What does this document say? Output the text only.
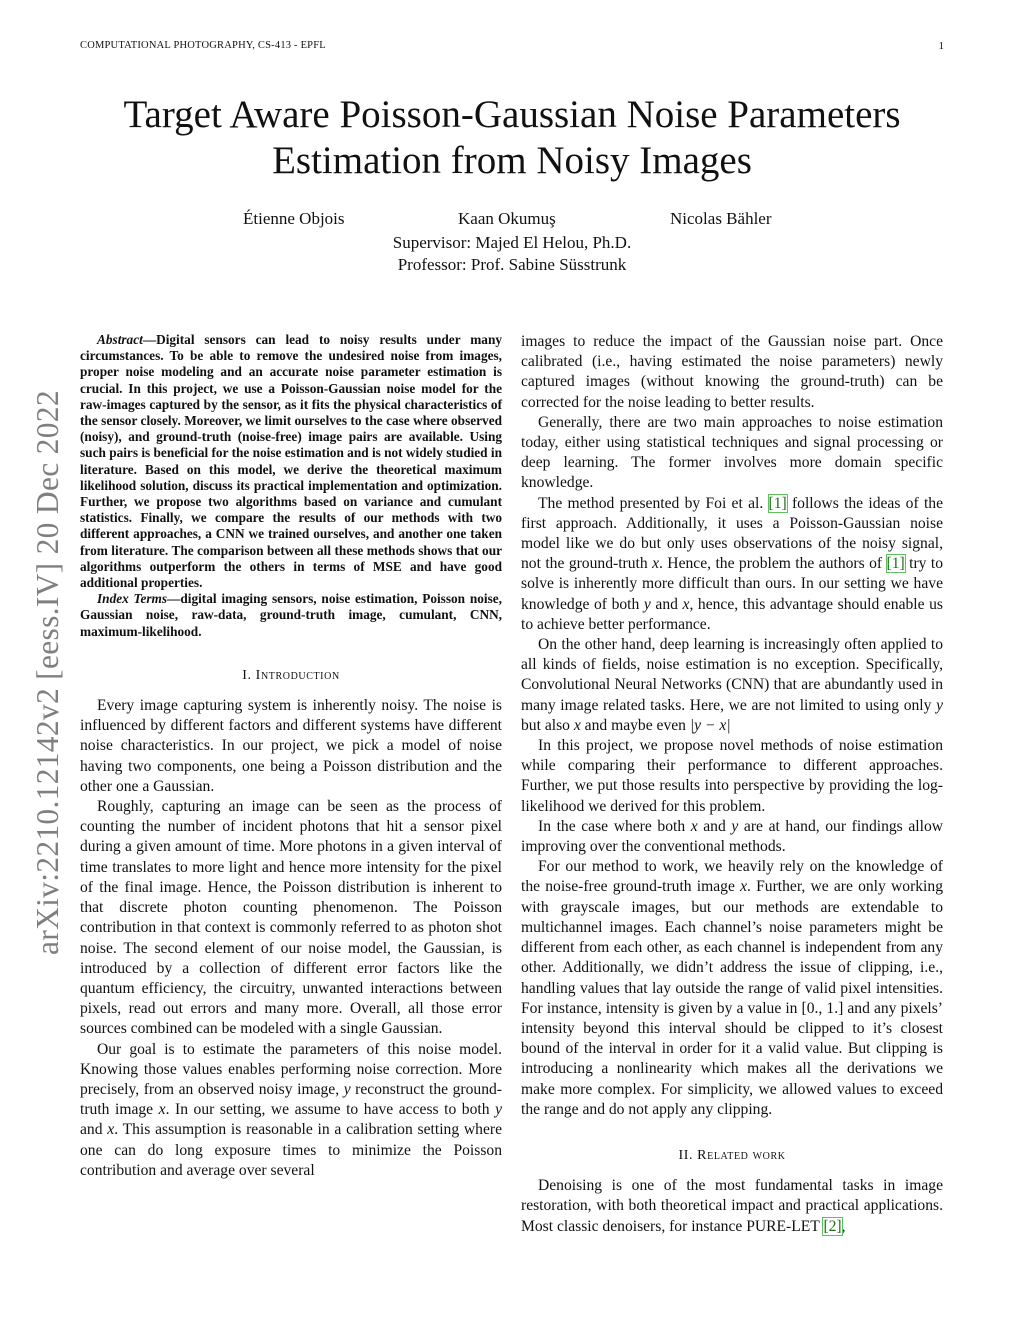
COMPUTATIONAL PHOTOGRAPHY, CS-413 - EPFL	1
arXiv:2210.12142v2 [eess.IV] 20 Dec 2022
Target Aware Poisson-Gaussian Noise Parameters
Estimation from Noisy Images
Étienne Objois	Kaan Okumuş	Nicolas Bähler
Supervisor: Majed El Helou, Ph.D.
Professor: Prof. Sabine Süsstrunk

Abstract—Digital sensors can lead to noisy results under many circumstances. To be able to remove the undesired noise from images, proper noise modeling and an accurate noise parameter estimation is crucial. In this project, we use a Poisson-Gaussian noise model for the raw-images captured by the sensor, as it fits the physical characteristics of the sensor closely. Moreover, we limit ourselves to the case where observed (noisy), and ground-truth (noise-free) image pairs are available. Using such pairs is beneficial for the noise estimation and is not widely studied in literature. Based on this model, we derive the theoretical maximum likelihood solution, discuss its practical implementation and optimization. Further, we propose two algorithms based on variance and cumulant statistics. Finally, we compare the results of our methods with two different approaches, a CNN we trained ourselves, and another one taken from literature. The comparison between all these methods shows that our algorithms outperform the others in terms of MSE and have good additional properties.

Index Terms—digital imaging sensors, noise estimation, Poisson noise, Gaussian noise, raw-data, ground-truth image, cumulant, CNN, maximum-likelihood.

I. Introduction

Every image capturing system is inherently noisy. The noise is influenced by different factors and different systems have different noise characteristics. In our project, we pick a model of noise having two components, one being a Poisson distribution and the other one a Gaussian.

Roughly, capturing an image can be seen as the process of counting the number of incident photons that hit a sensor pixel during a given amount of time. More photons in a given interval of time translates to more light and hence more intensity for the pixel of the final image. Hence, the Poisson distribution is inherent to that discrete photon counting phenomenon. The Poisson contribution in that context is commonly referred to as photon shot noise. The second element of our noise model, the Gaussian, is introduced by a collection of different error factors like the quantum efficiency, the circuitry, unwanted interactions between pixels, read out errors and many more. Overall, all those error sources combined can be modeled with a single Gaussian.

Our goal is to estimate the parameters of this noise model. Knowing those values enables performing noise correction. More precisely, from an observed noisy image, y reconstruct the ground-truth image x. In our setting, we assume to have access to both y and x. This assumption is reasonable in a calibration setting where one can do long exposure times to minimize the Poisson contribution and average over several

images to reduce the impact of the Gaussian noise part. Once calibrated (i.e., having estimated the noise parameters) newly captured images (without knowing the ground-truth) can be corrected for the noise leading to better results.

Generally, there are two main approaches to noise estimation today, either using statistical techniques and signal processing or deep learning. The former involves more domain specific knowledge.

The method presented by Foi et al. [1] follows the ideas of the first approach. Additionally, it uses a Poisson-Gaussian noise model like we do but only uses observations of the noisy signal, not the ground-truth x. Hence, the problem the authors of [1] try to solve is inherently more difficult than ours. In our setting we have knowledge of both y and x, hence, this advantage should enable us to achieve better performance.

On the other hand, deep learning is increasingly often applied to all kinds of fields, noise estimation is no exception. Specifically, Convolutional Neural Networks (CNN) that are abundantly used in many image related tasks. Here, we are not limited to using only y but also x and maybe even |y − x|

In this project, we propose novel methods of noise estimation while comparing their performance to different approaches. Further, we put those results into perspective by providing the log-likelihood we derived for this problem.

In the case where both x and y are at hand, our findings allow improving over the conventional methods.

For our method to work, we heavily rely on the knowledge of the noise-free ground-truth image x. Further, we are only working with grayscale images, but our methods are extendable to multichannel images. Each channel’s noise parameters might be different from each other, as each channel is independent from any other. Additionally, we didn’t address the issue of clipping, i.e., handling values that lay outside the range of valid pixel intensities. For instance, intensity is given by a value in [0., 1.] and any pixels’ intensity beyond this interval should be clipped to it’s closest bound of the interval in order for it a valid value. But clipping is introducing a nonlinearity which makes all the derivations we make more complex. For simplicity, we allowed values to exceed the range and do not apply any clipping.

II. Related work

Denoising is one of the most fundamental tasks in image restoration, with both theoretical impact and practical applications. Most classic denoisers, for instance PURE-LET [2],
